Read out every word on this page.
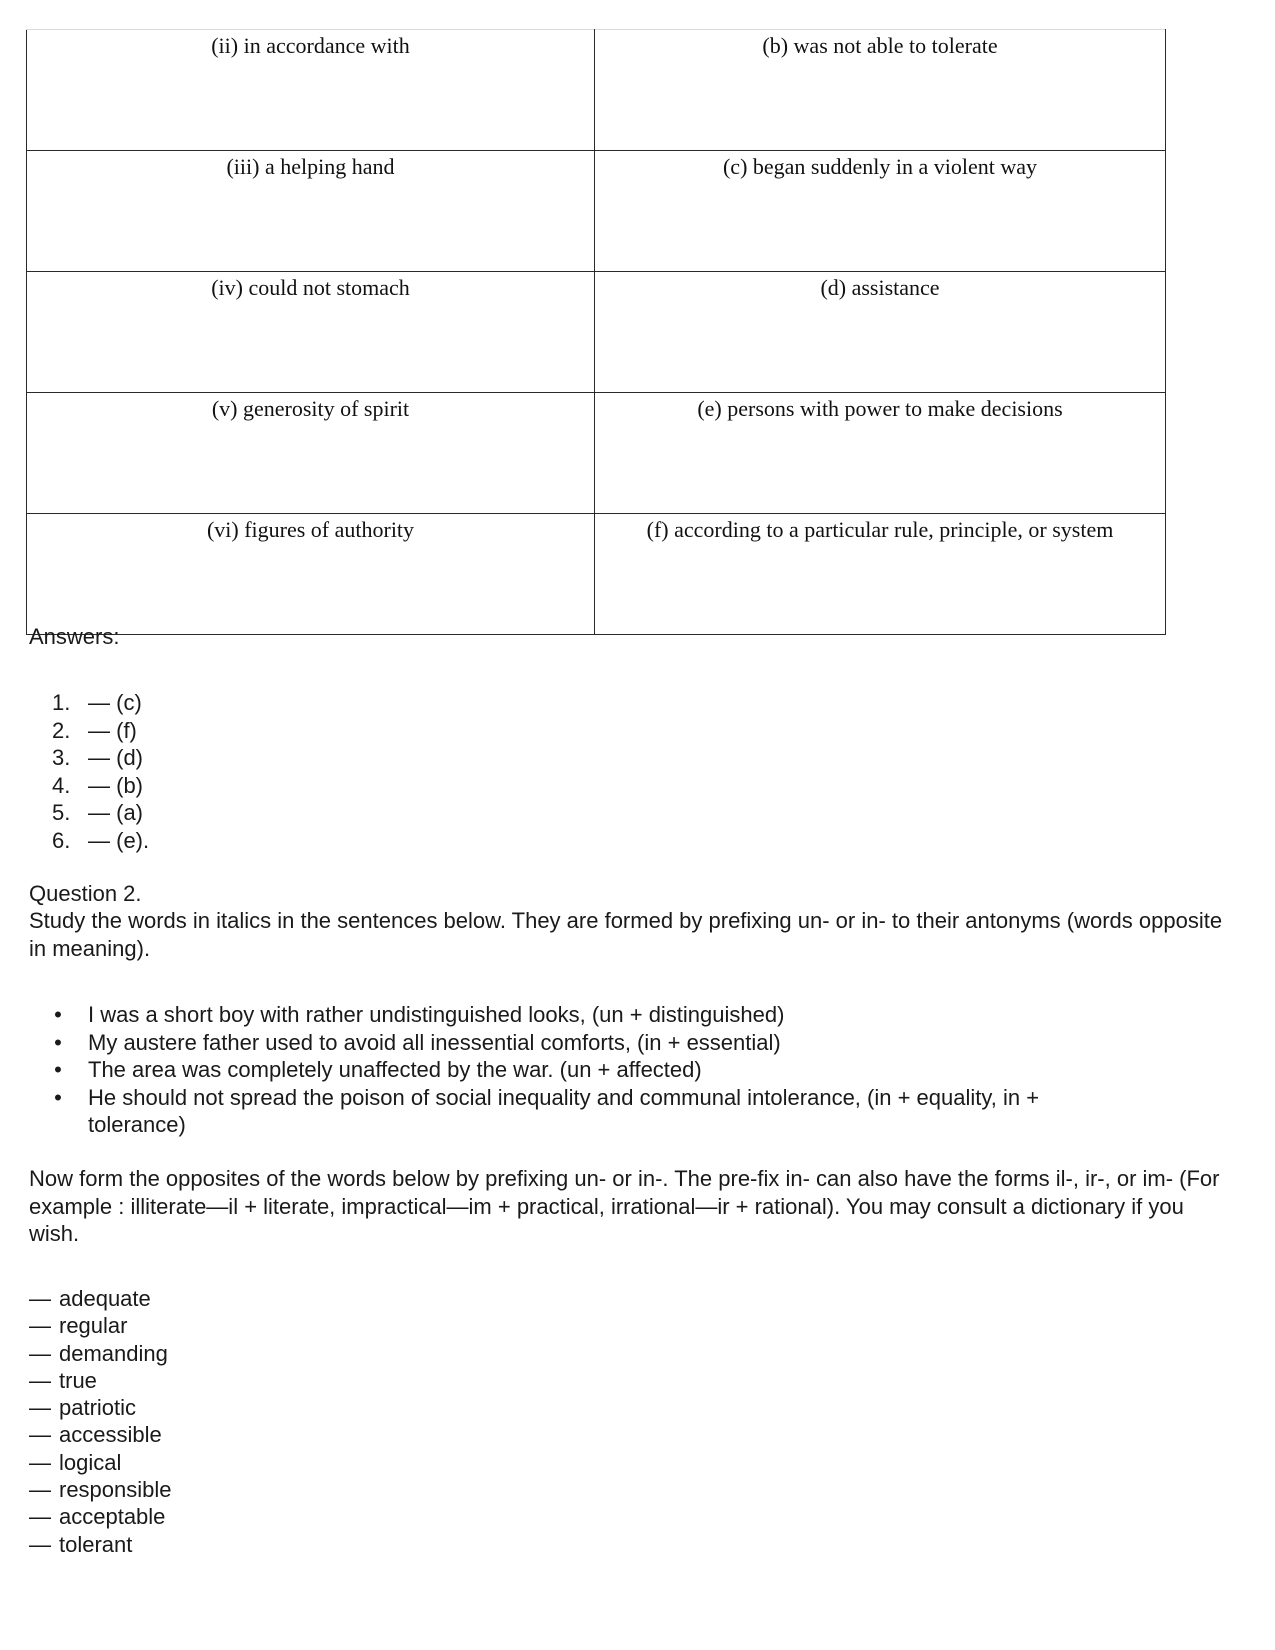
(ii) in accordance with	(b) was not able to tolerate
(iii) a helping hand	(c) began suddenly in a violent way
(iv) could not stomach	(d) assistance
(v) generosity of spirit	(e) persons with power to make decisions
(vi) figures of authority	(f) according to a particular rule, principle, or system
Answers:
1. — (c)
2. — (f)
3. — (d)
4. — (b)
5. — (a)
6. — (e).
Question 2.
Study the words in italics in the sentences below. They are formed by prefixing un- or in- to their antonyms (words opposite in meaning).
• I was a short boy with rather undistinguished looks, (un + distinguished)
• My austere father used to avoid all inessential comforts, (in + essential)
• The area was completely unaffected by the war. (un + affected)
• He should not spread the poison of social inequality and communal intolerance, (in + equality, in + tolerance)
Now form the opposites of the words below by prefixing un- or in-. The pre-fix in- can also have the forms il-, ir-, or im- (For example : illiterate—il + literate, impractical—im + practical, irrational—ir + rational). You may consult a dictionary if you wish.
— adequate
— regular
— demanding
— true
— patriotic
— accessible
— logical
— responsible
— acceptable
— tolerant
